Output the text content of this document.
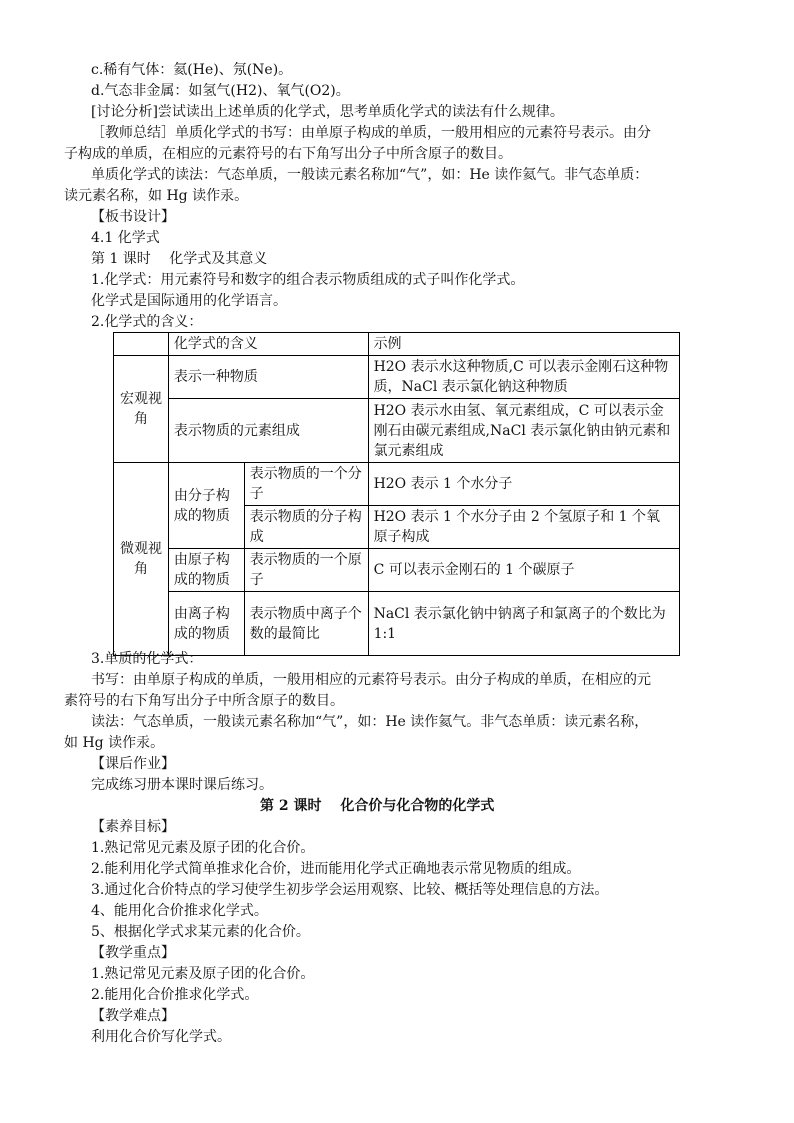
c.稀有气体：氦(He)、氖(Ne)。
d.气态非金属：如氢气(H2)、氧气(O2)。
[讨论分析]尝试读出上述单质的化学式，思考单质化学式的读法有什么规律。
［教师总结］单质化学式的书写：由单原子构成的单质，一般用相应的元素符号表示。由分
子构成的单质，在相应的元素符号的右下角写出分子中所含原子的数目。
单质化学式的读法：气态单质，一般读元素名称加“气”，如：He 读作氦气。非气态单质：
读元素名称，如 Hg 读作汞。
【板书设计】
4.1 化学式
第 1 课时　 化学式及其意义
1.化学式：用元素符号和数字的组合表示物质组成的式子叫作化学式。
化学式是国际通用的化学语言。
2.化学式的含义：
	化学式的含义		示例
宏观视角	表示一种物质		H2O 表示水这种物质,C 可以表示金刚石这种物质，NaCl 表示氯化钠这种物质
	表示物质的元素组成		H2O 表示水由氢、氧元素组成，C 可以表示金刚石由碳元素组成,NaCl 表示氯化钠由钠元素和氯元素组成
微观视角	由分子构成的物质	表示物质的一个分子	H2O 表示 1 个水分子
		表示物质的分子构成	H2O 表示 1 个水分子由 2 个氢原子和 1 个氧原子构成
	由原子构成的物质	表示物质的一个原子	C 可以表示金刚石的 1 个碳原子
	由离子构成的物质	表示物质中离子个数的最简比	NaCl 表示氯化钠中钠离子和氯离子的个数比为 1:1
3.单质的化学式：
书写：由单原子构成的单质，一般用相应的元素符号表示。由分子构成的单质，在相应的元
素符号的右下角写出分子中所含原子的数目。
读法：气态单质，一般读元素名称加“气”，如：He 读作氦气。非气态单质：读元素名称，
如 Hg 读作汞。
【课后作业】
完成练习册本课时课后练习。
第 2 课时　 化合价与化合物的化学式
【素养目标】
1.熟记常见元素及原子团的化合价。
2.能利用化学式简单推求化合价，进而能用化学式正确地表示常见物质的组成。
3.通过化合价特点的学习使学生初步学会运用观察、比较、概括等处理信息的方法。
4、能用化合价推求化学式。
5、根据化学式求某元素的化合价。
【教学重点】
1.熟记常见元素及原子团的化合价。
2.能用化合价推求化学式。
【教学难点】
利用化合价写化学式。
